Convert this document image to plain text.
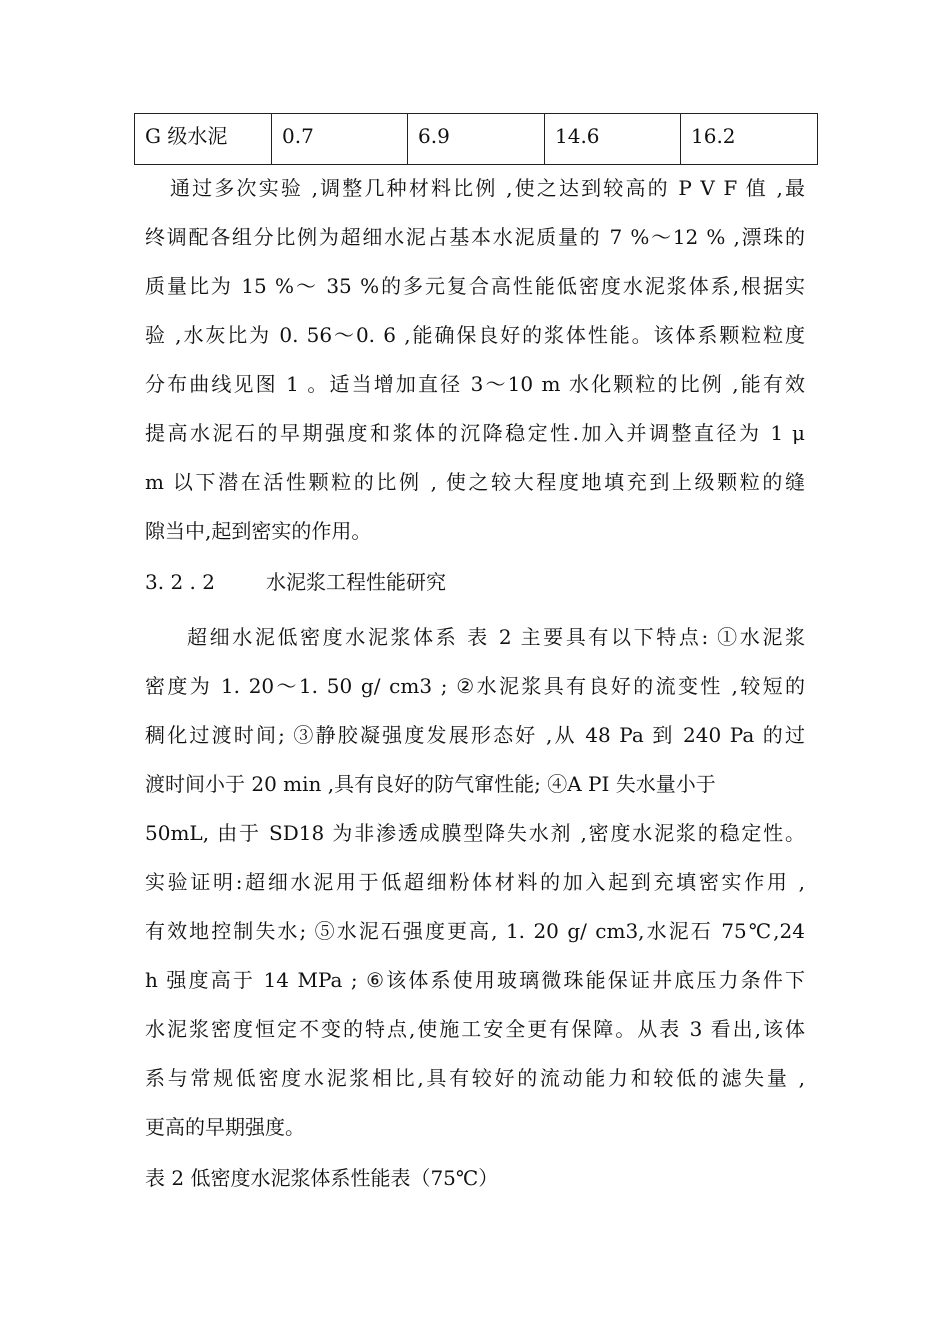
G 级水泥	0.7	6.9	14.6	16.2
通过多次实验 ,调整几种材料比例 ,使之达到较高的 P V F 值 ,最
终调配各组分比例为超细水泥占基本水泥质量的 7 %～12 % ,漂珠的
质量比为 15 %～ 35 %的多元复合高性能低密度水泥浆体系,根据实
验 ,水灰比为 0. 56～0. 6 ,能确保良好的浆体性能。该体系颗粒粒度
分布曲线见图 1 。适当增加直径 3～10 m 水化颗粒的比例 ,能有效
提高水泥石的早期强度和浆体的沉降稳定性.加入并调整直径为 1 μ
m 以下潜在活性颗粒的比例 , 使之较大程度地填充到上级颗粒的缝
隙当中,起到密实的作用。
3. 2 . 2	水泥浆工程性能研究
超细水泥低密度水泥浆体系 表 2 主要具有以下特点: ①水泥浆
密度为 1. 20～1. 50 g/ cm3 ; ②水泥浆具有良好的流变性 ,较短的
稠化过渡时间; ③静胶凝强度发展形态好 ,从 48 Pa 到 240 Pa 的过
渡时间小于 20 min ,具有良好的防气窜性能; ④A PI 失水量小于
50mL, 由于 SD18 为非渗透成膜型降失水剂 ,密度水泥浆的稳定性。
实验证明:超细水泥用于低超细粉体材料的加入起到充填密实作用 ,
有效地控制失水; ⑤水泥石强度更高, 1. 20 g/ cm3,水泥石 75℃,24
h 强度高于 14 MPa ; ⑥该体系使用玻璃微珠能保证井底压力条件下
水泥浆密度恒定不变的特点,使施工安全更有保障。从表 3 看出,该体
系与常规低密度水泥浆相比,具有较好的流动能力和较低的滤失量 ,
更高的早期强度。
表 2 低密度水泥浆体系性能表（75℃）
